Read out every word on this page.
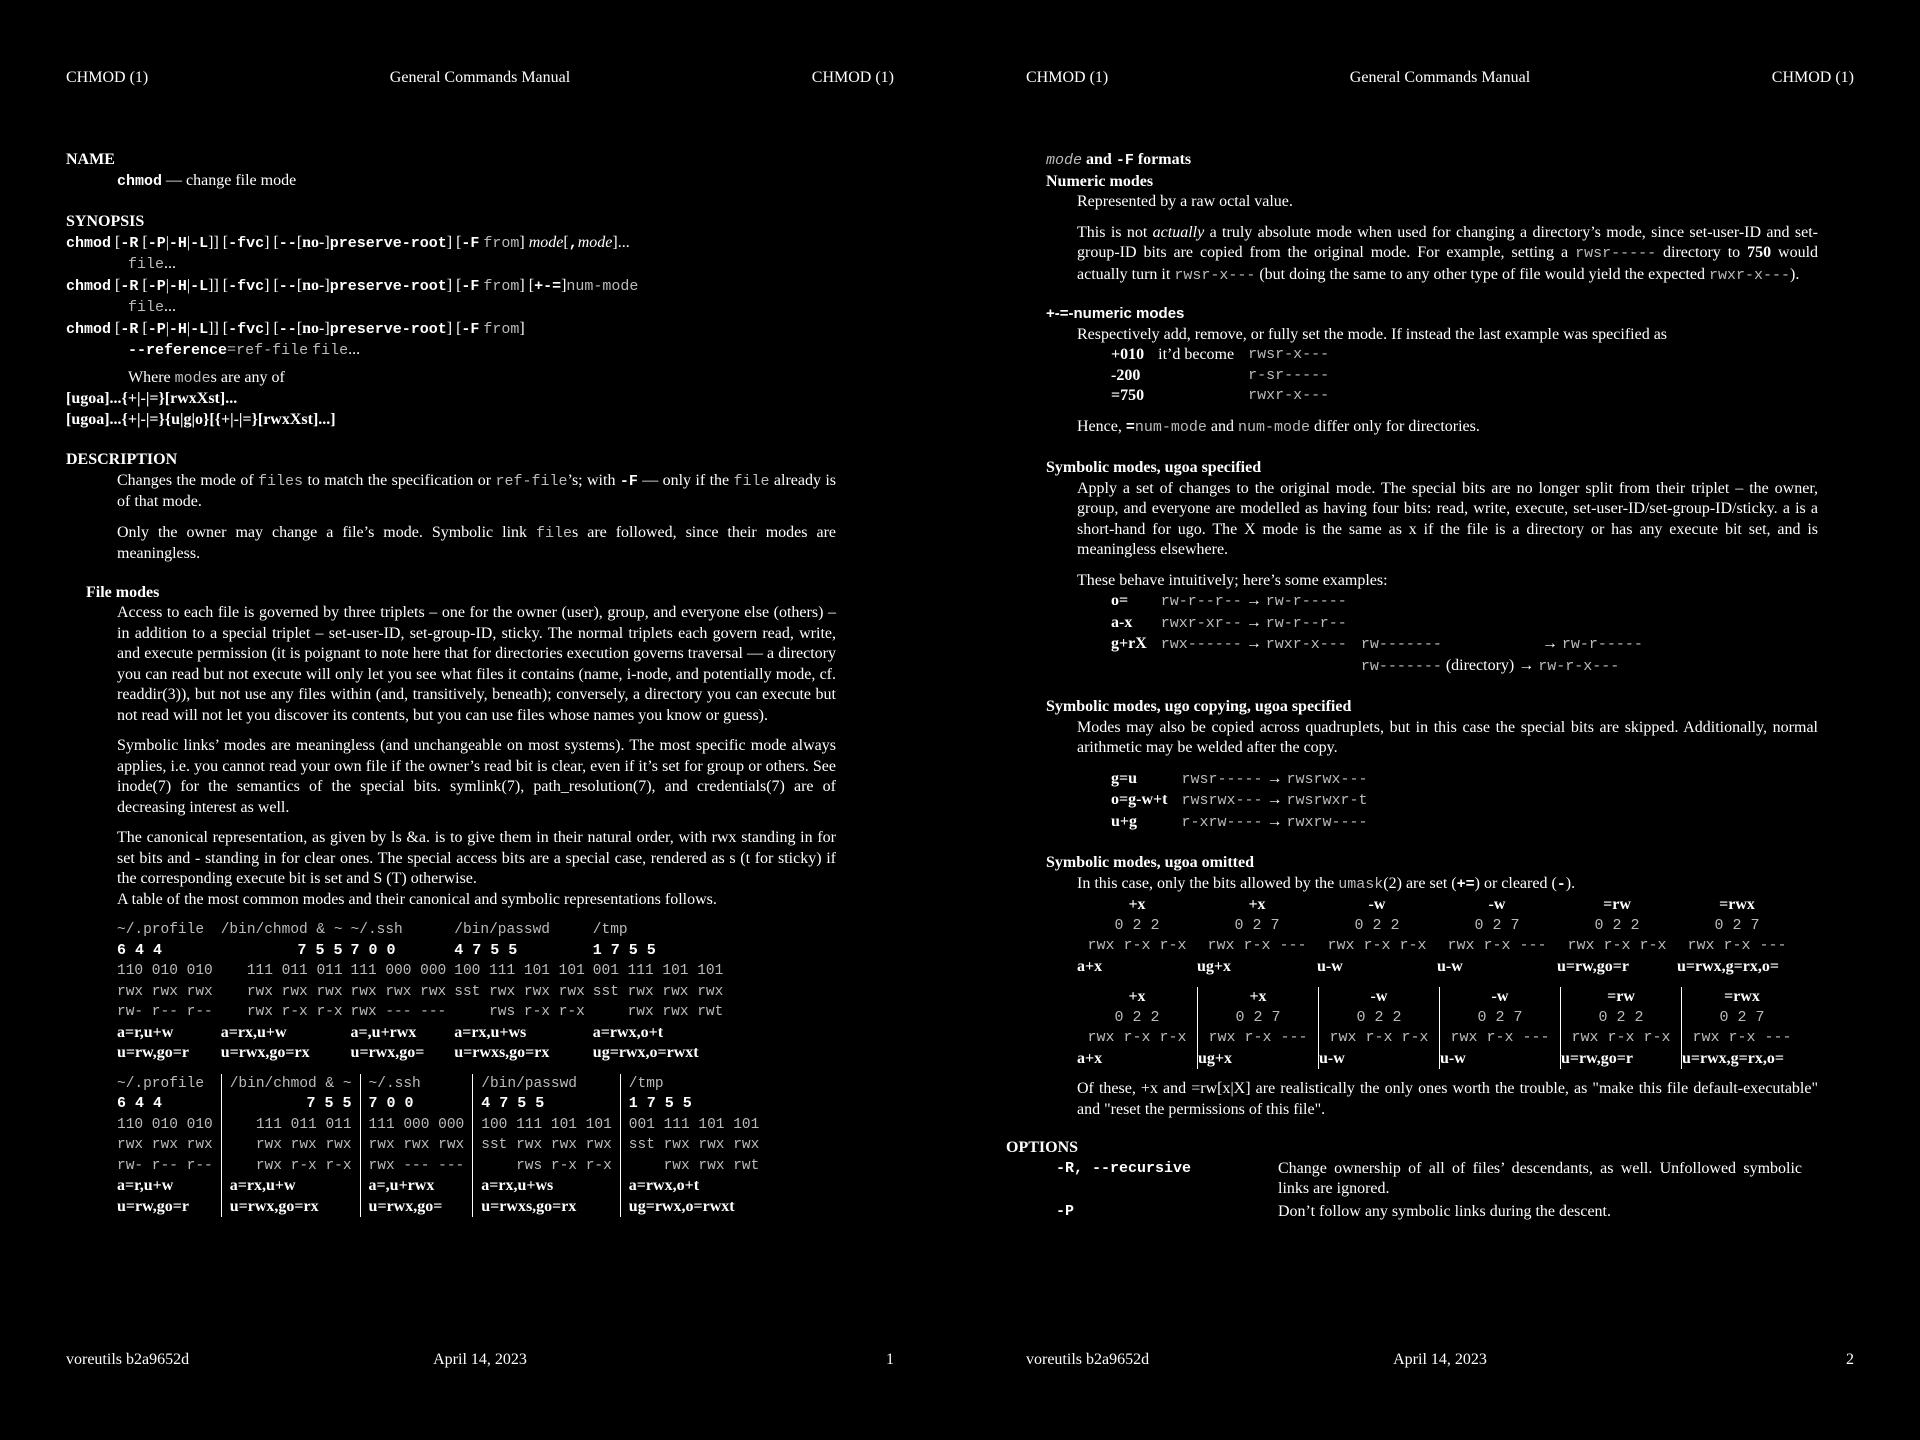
CHMOD (1)	General Commands Manual	CHMOD (1)
NAME
chmod — change file mode
SYNOPSIS
chmod [-R [-P|-H|-L]] [-fvc] [--[no-]preserve-root] [-F from] mode[,mode]...
file...
chmod [-R [-P|-H|-L]] [-fvc] [--[no-]preserve-root] [-F from] [+-=]num-mode
file...
chmod [-R [-P|-H|-L]] [-fvc] [--[no-]preserve-root] [-F from]
--reference=ref-file file...
Where modes are any of
[ugoa]...{+|-|=}[rwxXst]...
[ugoa]...{+|-|=}{u|g|o}[{+|-|=}[rwxXst]...]
DESCRIPTION

Changes the mode of files to match the specification or ref-file’s; with -F — only if the file already is of that mode.

Only the owner may change a file’s mode. Symbolic link files are followed, since their modes are meaningless.

File modes

Access to each file is governed by three triplets – one for the owner (user), group, and everyone else (others) – in addition to a special triplet – set-user-ID, set-group-ID, sticky. The normal triplets each govern read, write, and execute permission (it is poignant to note here that for directories execution governs traversal — a directory you can read but not execute will only let you see what files it contains (name, i-node, and potentially mode, cf. readdir(3)), but not use any files within (and, transitively, beneath); conversely, a directory you can execute but not read will not let you discover its contents, but you can use files whose names you know or guess).

Symbolic links’ modes are meaningless (and unchangeable on most systems). The most specific mode always applies, i.e. you cannot read your own file if the owner’s read bit is clear, even if it’s set for group or others. See inode(7) for the semantics of the special bits. symlink(7), path_resolution(7), and credentials(7) are of decreasing interest as well.

The canonical representation, as given by ls &a. is to give them in their natural order, with rwx standing in for set bits and - standing in for clear ones. The special access bits are a special case, rendered as s (t for sticky) if the corresponding execute bit is set and S (T) otherwise.

A table of the most common modes and their canonical and symbolic representations follows.

~/.profile	/bin/chmod & ~	~/.ssh	/bin/passwd	/tmp
6 4 4	7 5 5	7 0 0	4 7 5 5	1 7 5 5
110 010 010	111 011 011	111 000 000	100 111 101 101	001 111 101 101
rwx rwx rwx	rwx rwx rwx	rwx rwx rwx	sst rwx rwx rwx	sst rwx rwx rwx
rw- r-- r--	rwx r-x r-x	rwx --- ---	rws r-x r-x	rwx rwx rwt
a=r,u+w	a=rx,u+w	a=,u+rwx	a=rx,u+ws	a=rwx,o+t
u=rw,go=r	u=rwx,go=rx	u=rwx,go=	u=rwxs,go=rx	ug=rwx,o=rwxt
~/.profile	/bin/chmod & ~	~/.ssh	/bin/passwd	/tmp
6 4 4	7 5 5	7 0 0	4 7 5 5	1 7 5 5
110 010 010	111 011 011	111 000 000	100 111 101 101	001 111 101 101
rwx rwx rwx	rwx rwx rwx	rwx rwx rwx	sst rwx rwx rwx	sst rwx rwx rwx
rw- r-- r--	rwx r-x r-x	rwx --- ---	rws r-x r-x	rwx rwx rwt
a=r,u+w	a=rx,u+w	a=,u+rwx	a=rx,u+ws	a=rwx,o+t
u=rw,go=r	u=rwx,go=rx	u=rwx,go=	u=rwxs,go=rx	ug=rwx,o=rwxt
voreutils b2a9652d	April 14, 2023	1
CHMOD (1)	General Commands Manual	CHMOD (1)
mode and -F formats
Numeric modes

Represented by a raw octal value.

This is not actually a truly absolute mode when used for changing a directory’s mode, since set-user-ID and set-group-ID bits are copied from the original mode. For example, setting a rwsr----- directory to 750 would actually turn it rwsr-x--- (but doing the same to any other type of file would yield the expected rwxr-x---).

+-=-numeric modes
Respectively add, remove, or fully set the mode. If instead the last example was specified as
+010	it’d become	rwsr-x---
-200		r-sr-----
=750		rwxr-x---

Hence, =num-mode and num-mode differ only for directories.

Symbolic modes, ugoa specified

Apply a set of changes to the original mode. The special bits are no longer split from their triplet – the owner, group, and everyone are modelled as having four bits: read, write, execute, set-user-ID/set-group-ID/sticky. a is a short-hand for ugo. The X mode is the same as x if the file is a directory or has any execute bit set, and is meaningless elsewhere.

These behave intuitively; here’s some examples:
o=	rw-r--r-- → rw-r-----	
a-x	rwxr-xr-- → rw-r--r--	
g+rX	rwx------ → rwxr-x---	rw------- → rw-r-----
		rw------- (directory) → rw-r-x---
Symbolic modes, ugo copying, ugoa specified

Modes may also be copied across quadruplets, but in this case the special bits are skipped. Additionally, normal arithmetic may be welded after the copy.

g=u	rwsr----- → rwsrwx---
o=g-w+t	rwsrwx--- → rwsrwxr-t
u+g	r-xrw---- → rwxrw----
Symbolic modes, ugoa omitted
In this case, only the bits allowed by the umask(2) are set (+=) or cleared (-).
+x	+x	-w	-w	=rw	=rwx
0 2 2	0 2 7	0 2 2	0 2 7	0 2 2	0 2 7
rwx r-x r-x	rwx r-x ---	rwx r-x r-x	rwx r-x ---	rwx r-x r-x	rwx r-x ---
a+x	ug+x	u-w	u-w	u=rw,go=r	u=rwx,g=rx,o=
+x	+x	-w	-w	=rw	=rwx
0 2 2	0 2 7	0 2 2	0 2 7	0 2 2	0 2 7
rwx r-x r-x	rwx r-x ---	rwx r-x r-x	rwx r-x ---	rwx r-x r-x	rwx r-x ---
a+x	ug+x	u-w	u-w	u=rw,go=r	u=rwx,g=rx,o=

Of these, +x and =rw[x|X] are realistically the only ones worth the trouble, as "make this file default-executable" and "reset the permissions of this file".

OPTIONS
-R, --recursive	Change ownership of all of files’ descendants, as well. Unfollowed symbolic links are ignored.
-P	Don’t follow any symbolic links during the descent.
voreutils b2a9652d	April 14, 2023	2
